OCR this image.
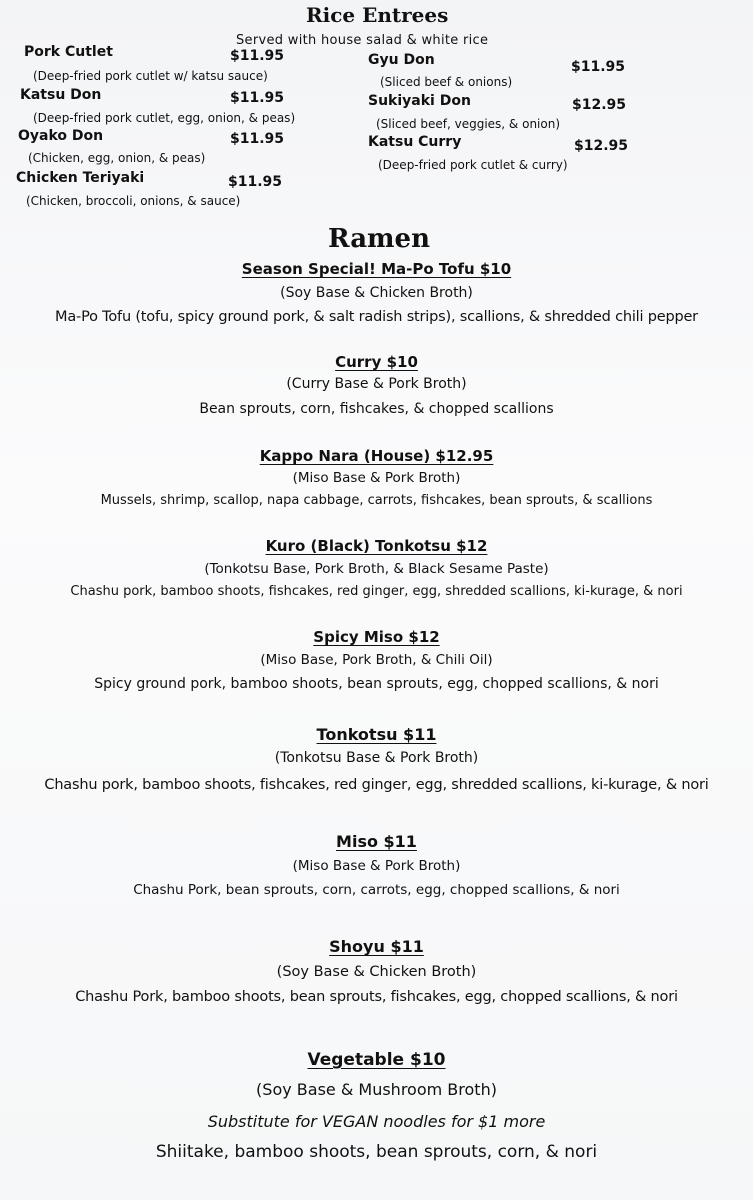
Rice Entrees
Served with house salad & white rice
Pork Cutlet	$11.95
(Deep-fried pork cutlet w/ katsu sauce)
Katsu Don	$11.95
(Deep-fried pork cutlet, egg, onion, & peas)
Oyako Don	$11.95
(Chicken, egg, onion, & peas)
Chicken Teriyaki	$11.95
(Chicken, broccoli, onions, & sauce)
Gyu Don	$11.95
(Sliced beef & onions)
Sukiyaki Don	$12.95
(Sliced beef, veggies, & onion)
Katsu Curry	$12.95
(Deep-fried pork cutlet & curry)
Ramen
Season Special! Ma-Po Tofu $10
(Soy Base & Chicken Broth)
Ma-Po Tofu (tofu, spicy ground pork, & salt radish strips), scallions, & shredded chili pepper
Curry $10
(Curry Base & Pork Broth)
Bean sprouts, corn, fishcakes, & chopped scallions
Kappo Nara (House) $12.95
(Miso Base & Pork Broth)
Mussels, shrimp, scallop, napa cabbage, carrots, fishcakes, bean sprouts, & scallions
Kuro (Black) Tonkotsu $12
(Tonkotsu Base, Pork Broth, & Black Sesame Paste)
Chashu pork, bamboo shoots, fishcakes, red ginger, egg, shredded scallions, ki-kurage, & nori
Spicy Miso $12
(Miso Base, Pork Broth, & Chili Oil)
Spicy ground pork, bamboo shoots, bean sprouts, egg, chopped scallions, & nori
Tonkotsu $11
(Tonkotsu Base & Pork Broth)
Chashu pork, bamboo shoots, fishcakes, red ginger, egg, shredded scallions, ki-kurage, & nori
Miso $11
(Miso Base & Pork Broth)
Chashu Pork, bean sprouts, corn, carrots, egg, chopped scallions, & nori
Shoyu $11
(Soy Base & Chicken Broth)
Chashu Pork, bamboo shoots, bean sprouts, fishcakes, egg, chopped scallions, & nori
Vegetable $10
(Soy Base & Mushroom Broth)
Substitute for VEGAN noodles for $1 more
Shiitake, bamboo shoots, bean sprouts, corn, & nori
